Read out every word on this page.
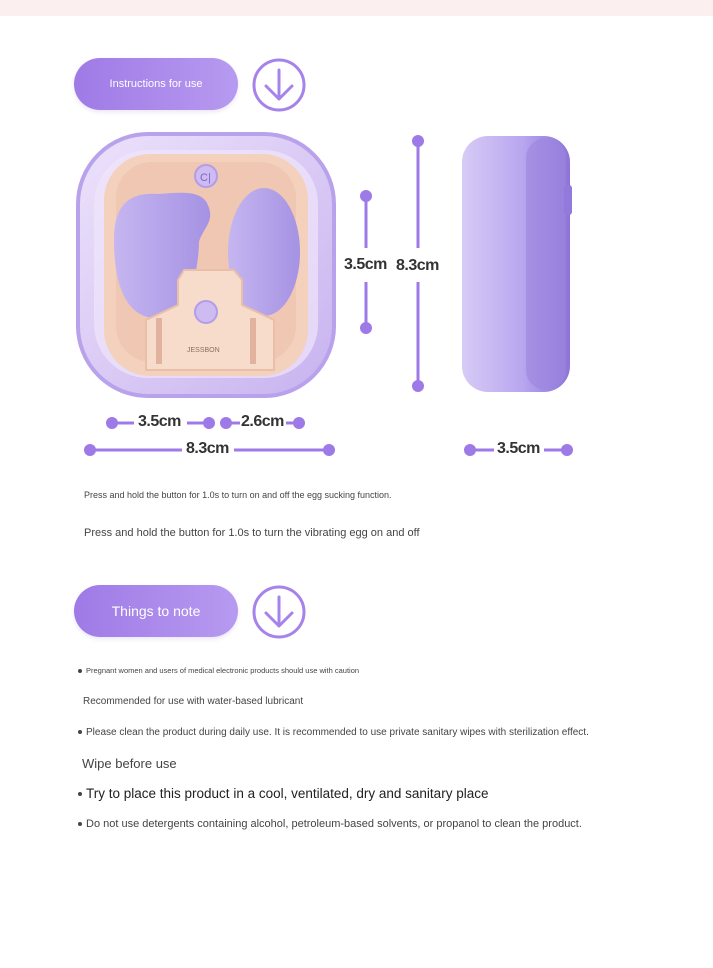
Instructions for use
C|
JESSBON
3.5cm 8.3cm
3.5cm	2.6cm
8.3cm	3.5cm
Press and hold the button for 1.0s to turn on and off the egg sucking function.
Press and hold the button for 1.0s to turn the vibrating egg on and off
Things to note
Pregnant women and users of medical electronic products should use with caution
Recommended for use with water-based lubricant
Please clean the product during daily use. It is recommended to use private sanitary wipes with sterilization effect.
Wipe before use
Try to place this product in a cool, ventilated, dry and sanitary place
Do not use detergents containing alcohol, petroleum-based solvents, or propanol to clean the product.
